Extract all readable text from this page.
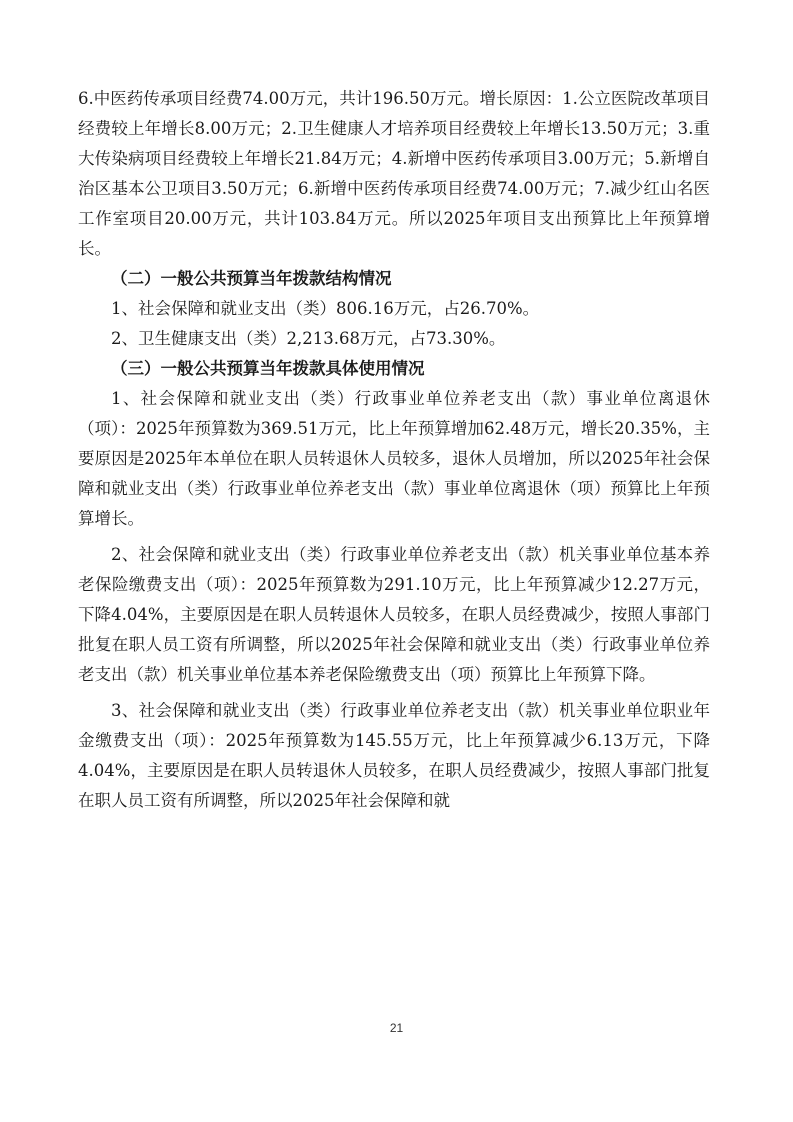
6.中医药传承项目经费74.00万元，共计196.50万元。增长原因：1.公立医院改革项目经费较上年增长8.00万元；2.卫生健康人才培养项目经费较上年增长13.50万元；3.重大传染病项目经费较上年增长21.84万元；4.新增中医药传承项目3.00万元；5.新增自治区基本公卫项目3.50万元；6.新增中医药传承项目经费74.00万元；7.减少红山名医工作室项目20.00万元，共计103.84万元。所以2025年项目支出预算比上年预算增长。

（二）一般公共预算当年拨款结构情况

1、社会保障和就业支出（类）806.16万元，占26.70%。

2、卫生健康支出（类）2,213.68万元，占73.30%。

（三）一般公共预算当年拨款具体使用情况

1、社会保障和就业支出（类）行政事业单位养老支出（款）事业单位离退休（项）：2025年预算数为369.51万元，比上年预算增加62.48万元，增长20.35%，主要原因是2025年本单位在职人员转退休人员较多，退休人员增加，所以2025年社会保障和就业支出（类）行政事业单位养老支出（款）事业单位离退休（项）预算比上年预算增长。

2、社会保障和就业支出（类）行政事业单位养老支出（款）机关事业单位基本养老保险缴费支出（项）：2025年预算数为291.10万元，比上年预算减少12.27万元，下降4.04%，主要原因是在职人员转退休人员较多，在职人员经费减少，按照人事部门批复在职人员工资有所调整，所以2025年社会保障和就业支出（类）行政事业单位养老支出（款）机关事业单位基本养老保险缴费支出（项）预算比上年预算下降。

3、社会保障和就业支出（类）行政事业单位养老支出（款）机关事业单位职业年金缴费支出（项）：2025年预算数为145.55万元，比上年预算减少6.13万元，下降4.04%，主要原因是在职人员转退休人员较多，在职人员经费减少，按照人事部门批复在职人员工资有所调整，所以2025年社会保障和就

21
